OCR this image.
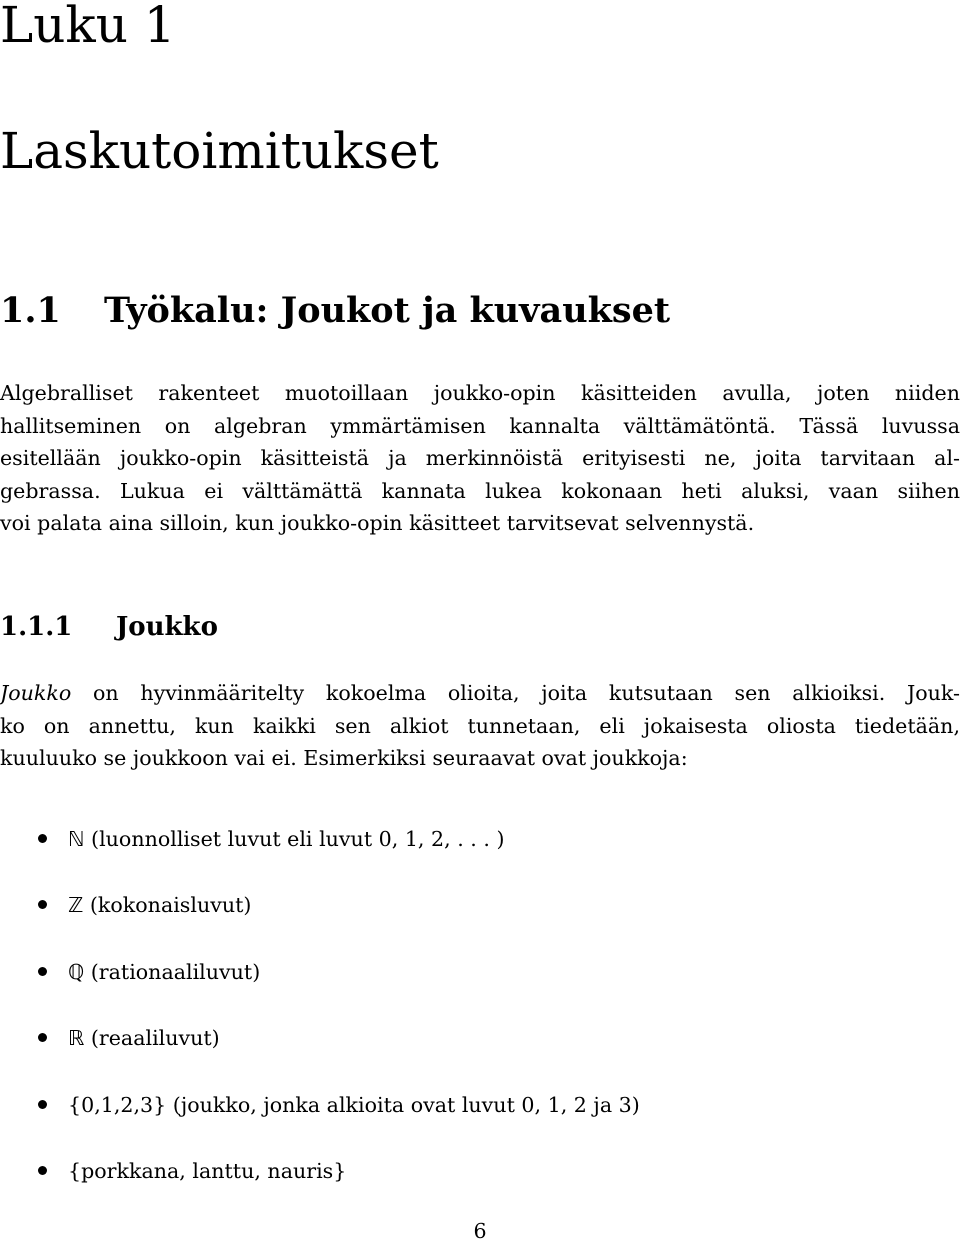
Luku 1
Laskutoimitukset
1.1 Työkalu: Joukot ja kuvaukset
Algebralliset rakenteet muotoillaan joukko-opin käsitteiden avulla, joten niiden
hallitseminen on algebran ymmärtämisen kannalta välttämätöntä. Tässä luvussa
esitellään joukko-opin käsitteistä ja merkinnöistä erityisesti ne, joita tarvitaan al-
gebrassa. Lukua ei välttämättä kannata lukea kokonaan heti aluksi, vaan siihen
voi palata aina silloin, kun joukko-opin käsitteet tarvitsevat selvennystä.
1.1.1 Joukko
Joukko on hyvinmääritelty kokoelma olioita, joita kutsutaan sen alkioiksi. Jouk-
ko on annettu, kun kaikki sen alkiot tunnetaan, eli jokaisesta oliosta tiedetään,
kuuluuko se joukkoon vai ei. Esimerkiksi seuraavat ovat joukkoja:
ℕ (luonnolliset luvut eli luvut 0, 1, 2, . . . )
ℤ (kokonaisluvut)
ℚ (rationaaliluvut)
ℝ (reaaliluvut)
{0,1,2,3} (joukko, jonka alkioita ovat luvut 0, 1, 2 ja 3)
{porkkana, lanttu, nauris}
6
